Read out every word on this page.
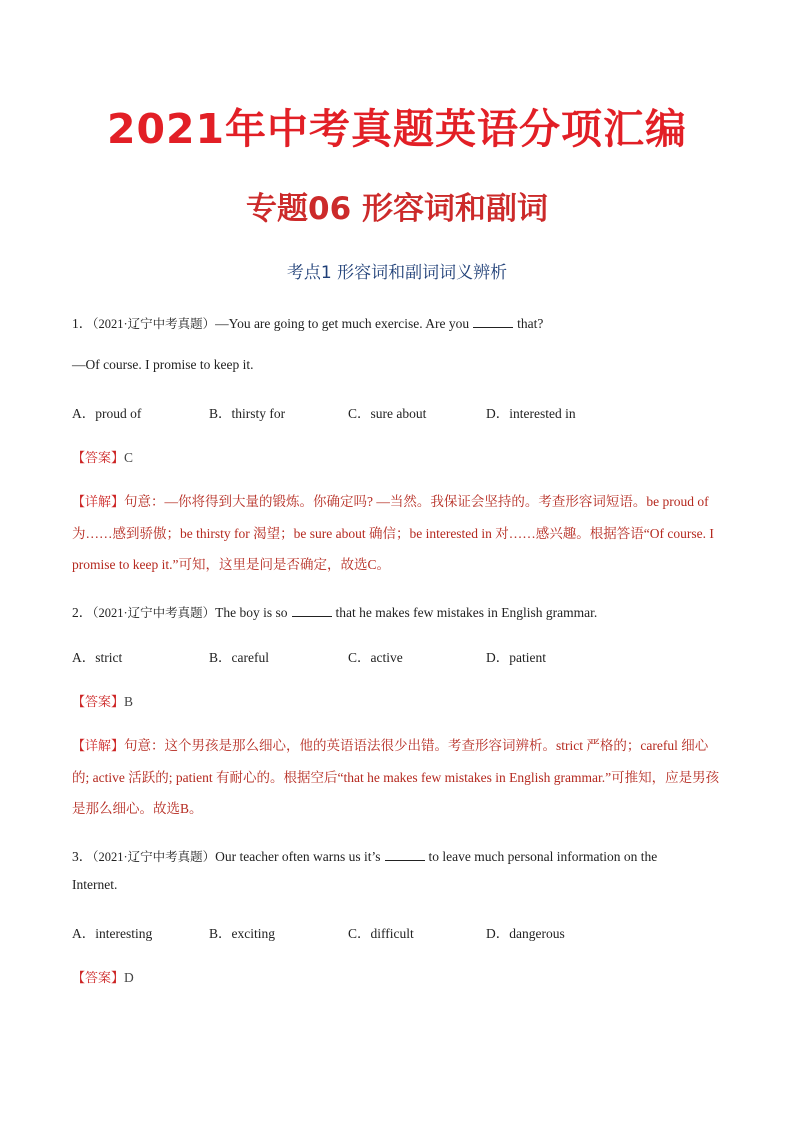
2021年中考真题英语分项汇编
专题06 形容词和副词
考点1 形容词和副词词义辨析
1．（2021·辽宁中考真题）—You are going to get much exercise. Are you	that?
—Of course. I promise to keep it.
A．proud of	B．thirsty for	C．sure about	D．interested in
【答案】C
【详解】句意：—你将得到大量的锻炼。你确定吗? —当然。我保证会坚持的。考查形容词短语。be proud of 为……感到骄傲；be thirsty for 渴望；be sure about 确信；be interested in 对……感兴趣。根据答语“Of course. I promise to keep it.”可知，这里是问是否确定，故选C。
2．（2021·辽宁中考真题）The boy is so	that he makes few mistakes in English grammar.
A．strict	B．careful	C．active	D．patient
【答案】B
【详解】句意：这个男孩是那么细心，他的英语语法很少出错。考查形容词辨析。strict 严格的；careful 细心的; active 活跃的; patient 有耐心的。根据空后“that he makes few mistakes in English grammar.”可推知，应是男孩是那么细心。故选B。
3．（2021·辽宁中考真题）Our teacher often warns us it’s	to leave much personal information on the
Internet.
A．interesting	B．exciting	C．difficult	D．dangerous
【答案】D
